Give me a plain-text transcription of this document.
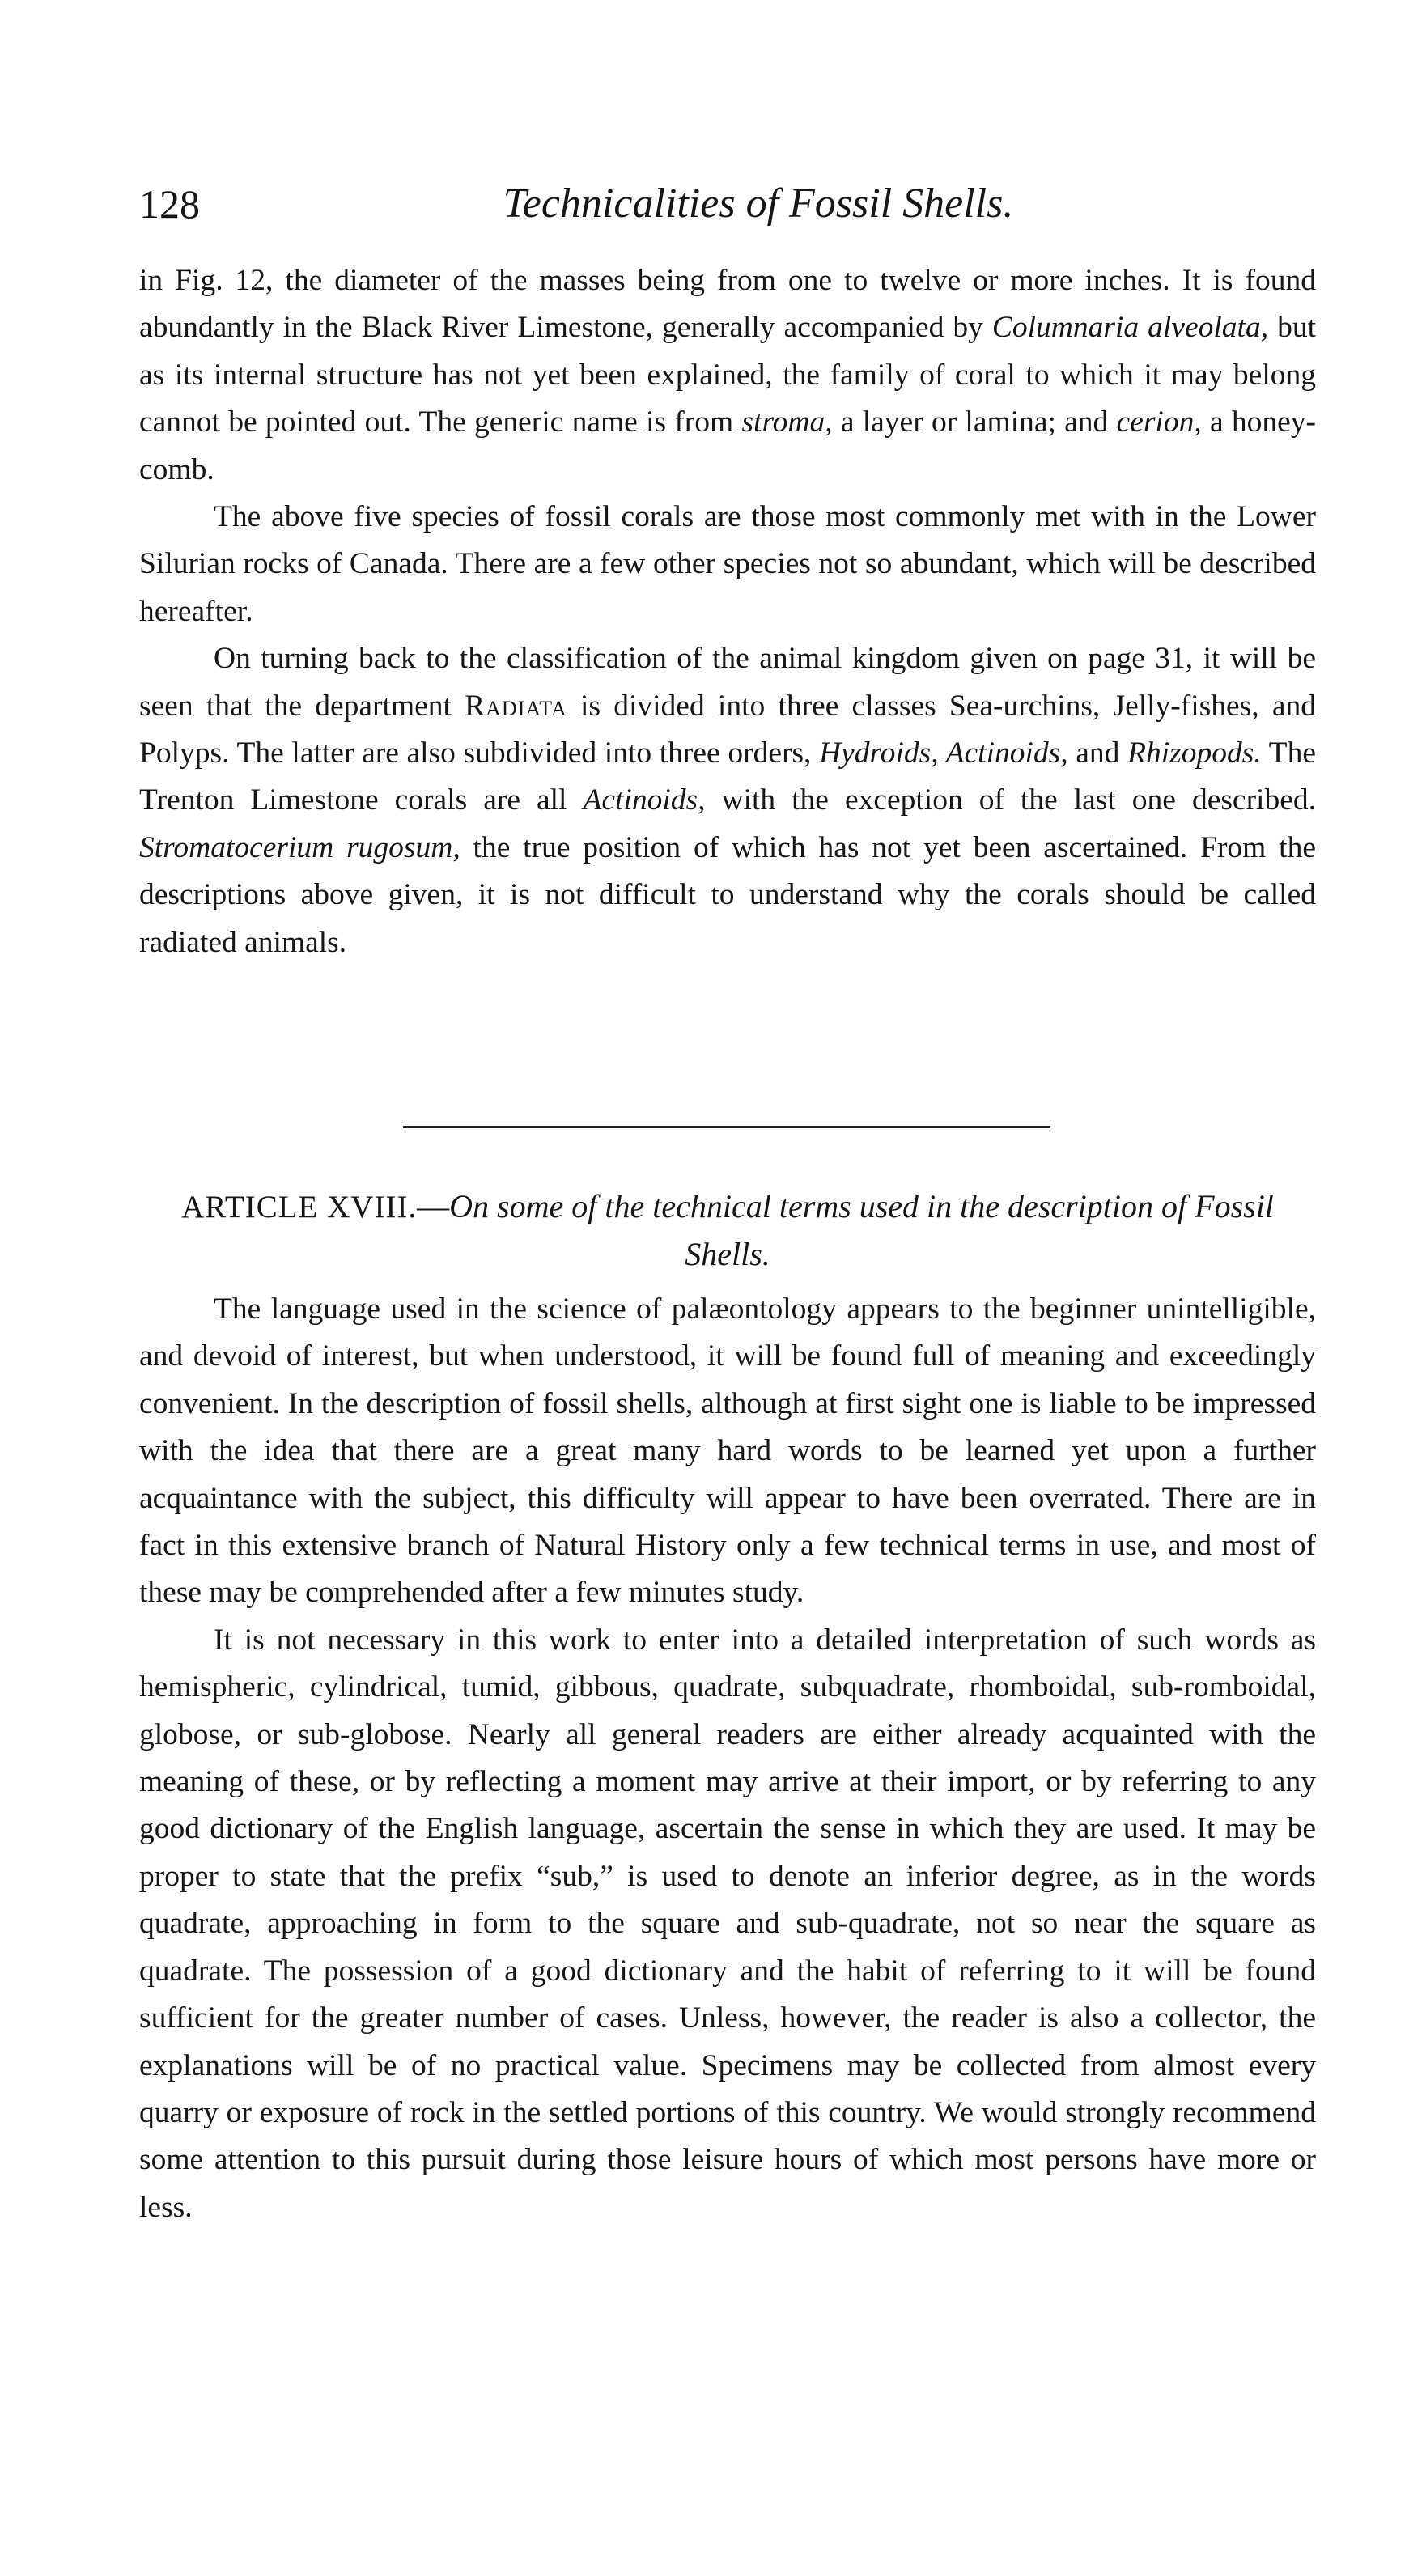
128	Technicalities of Fossil Shells.

in Fig. 12, the diameter of the masses being from one to twelve or more inches. It is found abundantly in the Black River Limestone, generally accompanied by Columnaria alveolata, but as its internal structure has not yet been explained, the family of coral to which it may belong cannot be pointed out. The generic name is from stroma, a layer or lamina; and cerion, a honey-comb.

The above five species of fossil corals are those most commonly met with in the Lower Silurian rocks of Canada. There are a few other species not so abundant, which will be described hereafter.

On turning back to the classification of the animal kingdom given on page 31, it will be seen that the department Radiata is divided into three classes Sea-urchins, Jelly-fishes, and Polyps. The latter are also subdivided into three orders, Hydroids, Actinoids, and Rhizopods. The Trenton Limestone corals are all Actinoids, with the exception of the last one described. Stromatocerium rugosum, the true position of which has not yet been ascertained. From the descriptions above given, it is not difficult to understand why the corals should be called radiated animals.

ARTICLE XVIII.—On some of the technical terms used in the description of Fossil Shells.

The language used in the science of palæontology appears to the beginner unintelligible, and devoid of interest, but when understood, it will be found full of meaning and exceedingly convenient. In the description of fossil shells, although at first sight one is liable to be impressed with the idea that there are a great many hard words to be learned yet upon a further acquaintance with the subject, this difficulty will appear to have been overrated. There are in fact in this extensive branch of Natural History only a few technical terms in use, and most of these may be comprehended after a few minutes study.

It is not necessary in this work to enter into a detailed interpretation of such words as hemispheric, cylindrical, tumid, gibbous, quadrate, subquadrate, rhomboidal, sub-romboidal, globose, or sub-globose. Nearly all general readers are either already acquainted with the meaning of these, or by reflecting a moment may arrive at their import, or by referring to any good dictionary of the English language, ascertain the sense in which they are used. It may be proper to state that the prefix “sub,” is used to denote an inferior degree, as in the words quadrate, approaching in form to the square and sub-quadrate, not so near the square as quadrate. The possession of a good dictionary and the habit of referring to it will be found sufficient for the greater number of cases. Unless, however, the reader is also a collector, the explanations will be of no practical value. Specimens may be collected from almost every quarry or exposure of rock in the settled portions of this country. We would strongly recommend some attention to this pursuit during those leisure hours of which most persons have more or less.
